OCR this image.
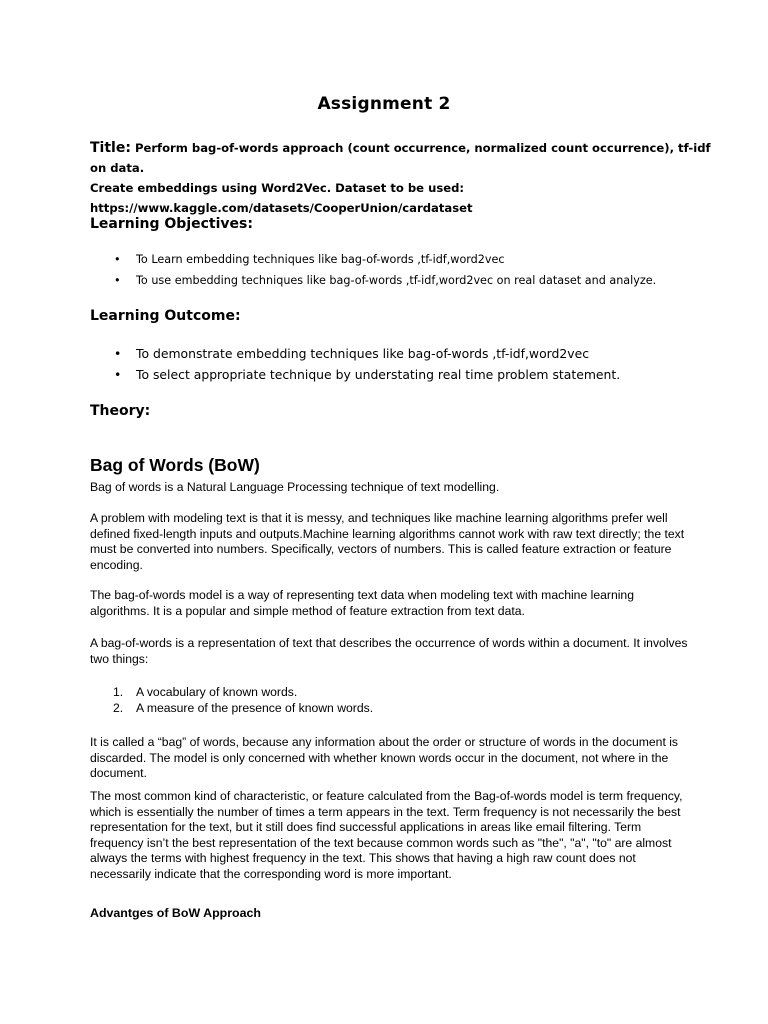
Assignment 2
Title: Perform bag-of-words approach (count occurrence, normalized count occurrence), tf-idf on data.
Create embeddings using Word2Vec. Dataset to be used:
https://www.kaggle.com/datasets/CooperUnion/cardataset
Learning Objectives:
• To Learn embedding techniques like bag-of-words ,tf-idf,word2vec
• To use embedding techniques like bag-of-words ,tf-idf,word2vec on real dataset and analyze.
Learning Outcome:
• To demonstrate embedding techniques like bag-of-words ,tf-idf,word2vec
• To select appropriate technique by understating real time problem statement.
Theory:
Bag of Words (BoW)

Bag of words is a Natural Language Processing technique of text modelling.

A problem with modeling text is that it is messy, and techniques like machine learning algorithms prefer well defined fixed-length inputs and outputs.Machine learning algorithms cannot work with raw text directly; the text must be converted into numbers. Specifically, vectors of numbers. This is called feature extraction or feature encoding.

The bag-of-words model is a way of representing text data when modeling text with machine learning algorithms. It is a popular and simple method of feature extraction from text data.

A bag-of-words is a representation of text that describes the occurrence of words within a document. It involves two things:

1. A vocabulary of known words.
2. A measure of the presence of known words.

It is called a “bag” of words, because any information about the order or structure of words in the document is discarded. The model is only concerned with whether known words occur in the document, not where in the document.

The most common kind of characteristic, or feature calculated from the Bag-of-words model is term frequency, which is essentially the number of times a term appears in the text. Term frequency is not necessarily the best representation for the text, but it still does find successful applications in areas like email filtering. Term frequency isn’t the best representation of the text because common words such as "the", "a", "to" are almost always the terms with highest frequency in the text. This shows that having a high raw count does not necessarily indicate that the corresponding word is more important.

Advantges of BoW Approach
